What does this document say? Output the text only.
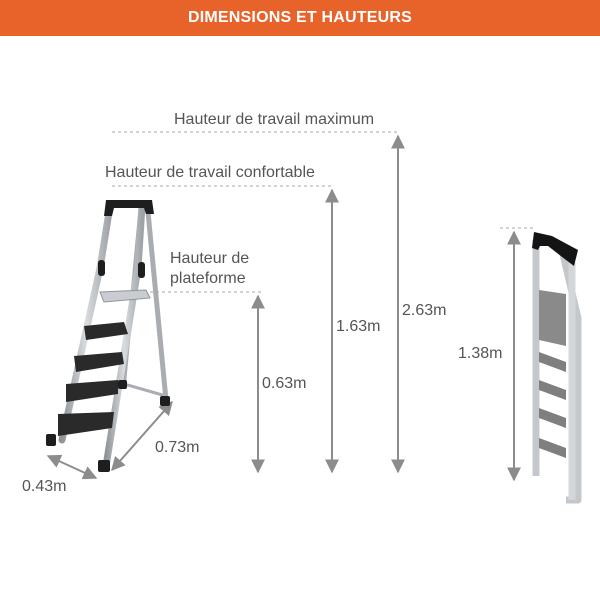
DIMENSIONS ET HAUTEURS
Hauteur de travail maximum
Hauteur de travail confortable
Hauteur de
plateforme
2.63m
1.63m
0.63m
0.73m
0.43m
1.38m
